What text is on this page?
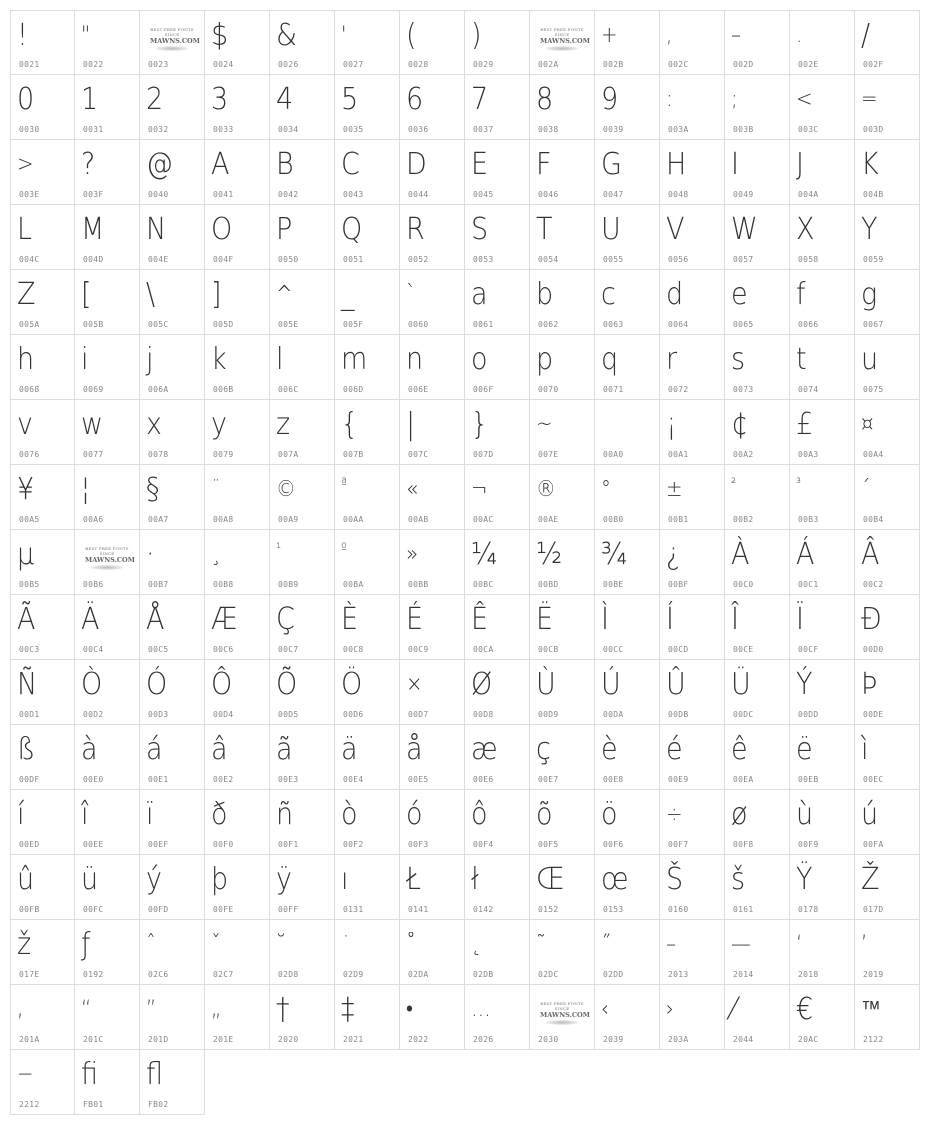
!
0021
"
0022
BEST FREE FONTS SINCE
MAWNS.COM
0023
$
0024
&
0026
'
0027
(
0028
)
0029
BEST FREE FONTS SINCE
MAWNS.COM
002A
+
002B
,
002C
–
002D
.
002E
/
002F
0
0030
1
0031
2
0032
3
0033
4
0034
5
0035
6
0036
7
0037
8
0038
9
0039
:
003A
;
003B
<
003C
=
003D
>
003E
?
003F
@
0040
A
0041
B
0042
C
0043
D
0044
E
0045
F
0046
G
0047
H
0048
I
0049
J
004A
K
004B
L
004C
M
004D
N
004E
O
004F
P
0050
Q
0051
R
0052
S
0053
T
0054
U
0055
V
0056
W
0057
X
0058
Y
0059
Z
005A
[
005B
\
005C
]
005D
^
005E
_
005F
`
0060
a
0061
b
0062
c
0063
d
0064
e
0065
f
0066
g
0067
h
0068
i
0069
j
006A
k
006B
l
006C
m
006D
n
006E
o
006F
p
0070
q
0071
r
0072
s
0073
t
0074
u
0075
v
0076
w
0077
x
0078
y
0079
z
007A
{
007B
|
007C
}
007D
~
007E	00A0
¡
00A1
¢
00A2
£
00A3
¤
00A4
¥
00A5
¦
00A6
§
00A7
¨
00A8
©
00A9
ª
00AA
«
00AB
¬
00AC
®
00AE
°
00B0
±
00B1
²
00B2
³
00B3
´
00B4
µ
00B5
BEST FREE FONTS SINCE
MAWNS.COM
00B6
·
00B7
¸
00B8
¹
00B9
º
00BA
»
00BB
¼
00BC
½
00BD
¾
00BE
¿
00BF
À
00C0
Á
00C1
Â
00C2
Ã
00C3
Ä
00C4
Å
00C5
Æ
00C6
Ç
00C7
È
00C8
É
00C9
Ê
00CA
Ë
00CB
Ì
00CC
Í
00CD
Î
00CE
Ï
00CF
Đ
00D0
Ñ
00D1
Ò
00D2
Ó
00D3
Ô
00D4
Õ
00D5
Ö
00D6
×
00D7
Ø
00D8
Ù
00D9
Ú
00DA
Û
00DB
Ü
00DC
Ý
00DD
Þ
00DE
ß
00DF
à
00E0
á
00E1
â
00E2
ã
00E3
ä
00E4
å
00E5
æ
00E6
ç
00E7
è
00E8
é
00E9
ê
00EA
ë
00EB
ì
00EC
í
00ED
î
00EE
ï
00EF
ð
00F0
ñ
00F1
ò
00F2
ó
00F3
ô
00F4
õ
00F5
ö
00F6
÷
00F7
ø
00F8
ù
00F9
ú
00FA
û
00FB
ü
00FC
ý
00FD
þ
00FE
ÿ
00FF
ı
0131
Ł
0141
ł
0142
Œ
0152
œ
0153
Š
0160
š
0161
Ÿ
0178
Ž
017D
ž
017E
ƒ
0192
ˆ
02C6
ˇ
02C7
˘
02D8
˙
02D9
˚
02DA
˛
02DB
˜
02DC
˝
02DD
–
2013
—
2014
‘
2018
’
2019
‚
201A
“
201C
”
201D
„
201E
†
2020
‡
2021
•
2022
…
2026
BEST FREE FONTS SINCE
MAWNS.COM
2030
‹
2039
›
203A
⁄
2044
€
20AC
™
2122
−
2212
ﬁ
FB01
ﬂ
FB02
